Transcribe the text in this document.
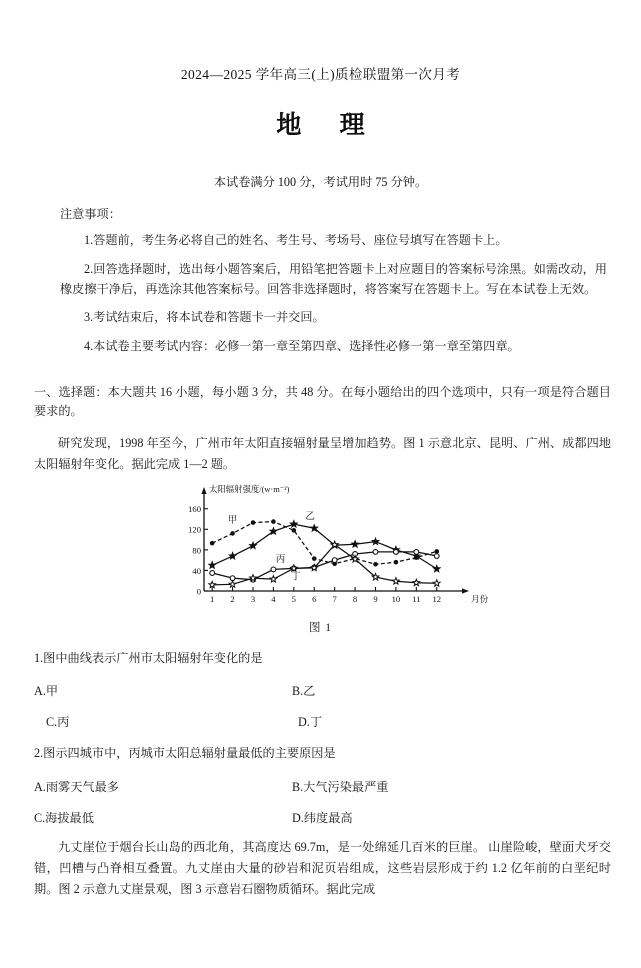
2024—2025 学年高三(上)质检联盟第一次月考
地 理
本试卷满分 100 分，考试用时 75 分钟。
注意事项：
1.答题前，考生务必将自己的姓名、考生号、考场号、座位号填写在答题卡上。
2.回答选择题时，选出每小题答案后，用铅笔把答题卡上对应题目的答案标号涂黑。如需改动，用橡皮擦干净后，再选涂其他答案标号。回答非选择题时，将答案写在答题卡上。写在本试卷上无效。
3.考试结束后，将本试卷和答题卡一并交回。
4.本试卷主要考试内容：必修一第一章至第四章、选择性必修一第一章至第四章。
一、选择题：本大题共 16 小题，每小题 3 分，共 48 分。在每小题给出的四个选项中，只有一项是符合题目要求的。
研究发现，1998 年至今，广州市年太阳直接辐射量呈增加趋势。图 1 示意北京、昆明、广州、成都四地太阳辐射年变化。据此完成 1—2 题。
0
40
80
120
160
1 2 3 4 5 6 7 8 9 10 11 12
太阳辐射强度/(w·m⁻²)
月份
甲	乙
丙
丁
图 1
1.图中曲线表示广州市太阳辐射年变化的是
A.甲	B.乙
C.丙	D.丁
2.图示四城市中，丙城市太阳总辐射量最低的主要原因是
A.雨雾天气最多	B.大气污染最严重
C.海拔最低	D.纬度最高
九丈崖位于烟台长山岛的西北角，其高度达 69.7m，是一处绵延几百米的巨崖。 山崖险峻，壁面犬牙交错，凹槽与凸脊相互叠置。九丈崖由大量的砂岩和泥页岩组成，这些岩层形成于约 1.2 亿年前的白垩纪时期。图 2 示意九丈崖景观，图 3 示意岩石圈物质循环。据此完成
